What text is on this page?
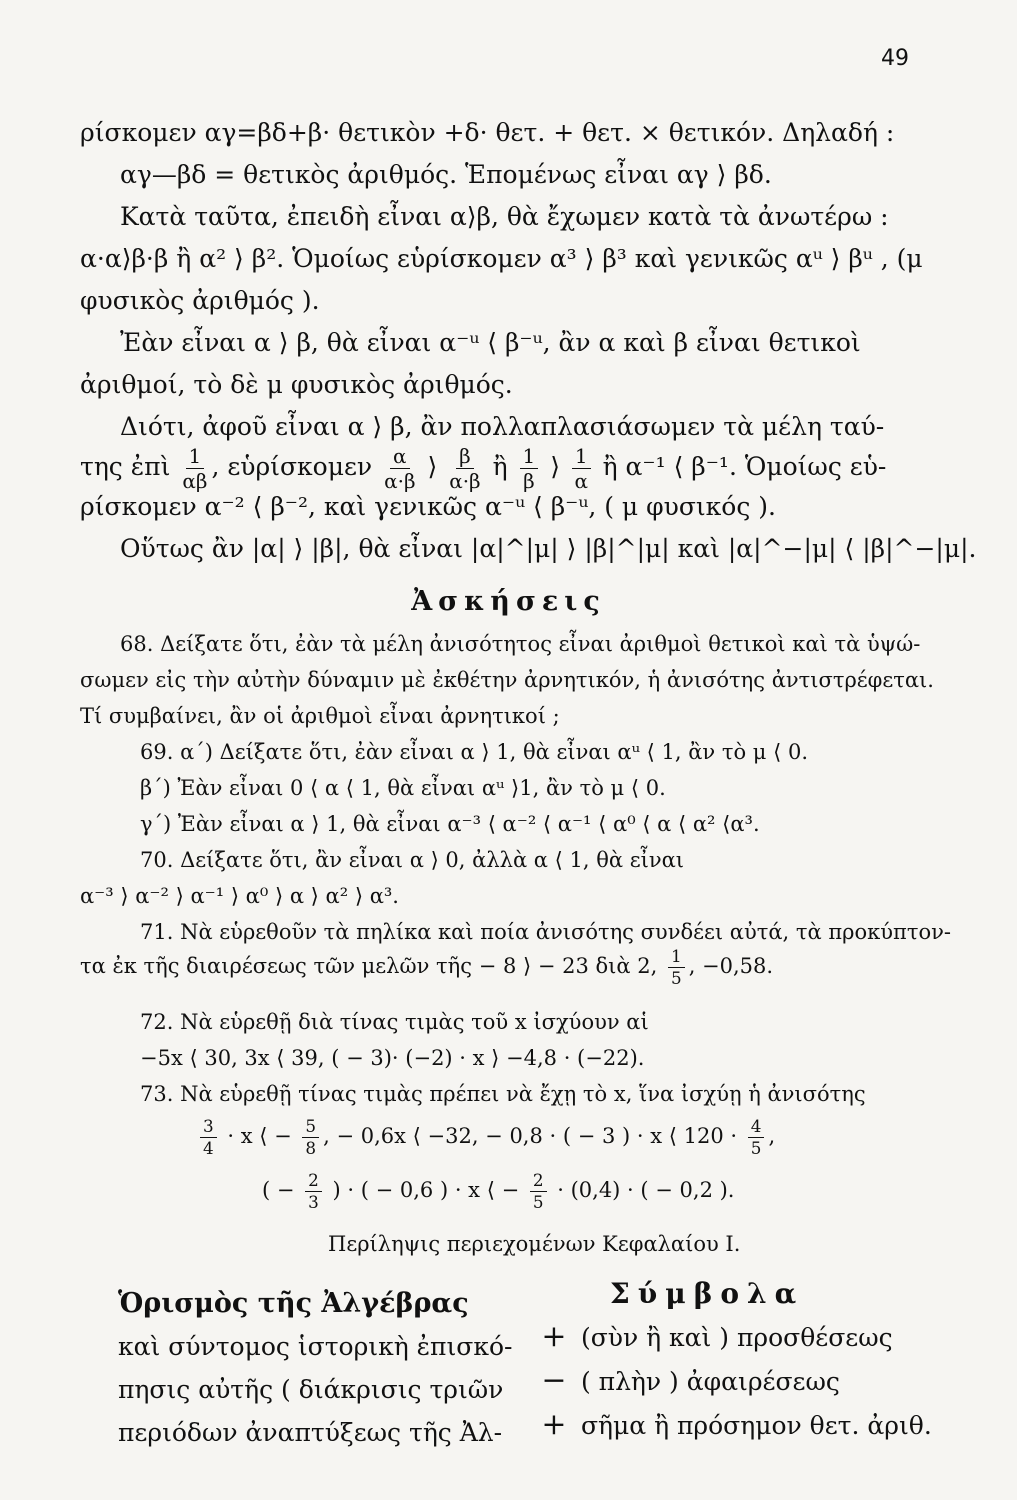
49
ρίσκομεν αγ=βδ+β· θετικὸν +δ· θετ. + θετ. × θετικόν. Δηλαδή :
αγ—βδ = θετικὸς ἀριθμός. Ἑπομένως εἶναι αγ ⟩ βδ.
Κατὰ ταῦτα, ἐπειδὴ εἶναι α⟩β, θὰ ἔχωμεν κατὰ τὰ ἀνωτέρω :
α·α⟩β·β ἢ α² ⟩ β². Ὁμοίως εὑρίσκομεν α³ ⟩ β³ καὶ γενικῶς αᵘ ⟩ βᵘ , (μ
φυσικὸς ἀριθμός ).
Ἐὰν εἶναι α ⟩ β, θὰ εἶναι α⁻ᵘ ⟨ β⁻ᵘ, ἂν α καὶ β εἶναι θετικοὶ
ἀριθμοί, τὸ δὲ μ φυσικὸς ἀριθμός.
Διότι, ἀφοῦ εἶναι α ⟩ β, ἂν πολλαπλασιάσωμεν τὰ μέλη ταύ-
της ἐπὶ $\frac{1}{\alpha\beta}$ , εὑρίσκομεν $\frac{\alpha}{\alpha\cdot\beta}$ ⟩ $\frac{\beta}{\alpha\cdot\beta}$ ἢ $\frac{1}{\beta}$ ⟩ $\frac{1}{\alpha}$ ἢ α⁻¹ ⟨ β⁻¹. Ὁμοίως εὑ-
ρίσκομεν α⁻² ⟨ β⁻², καὶ γενικῶς α⁻ᵘ ⟨ β⁻ᵘ, ( μ φυσικός ).
Οὕτως ἂν |α| ⟩ |β|, θὰ εἶναι |α|^|μ| ⟩ |β|^|μ| καὶ |α|^−|μ| ⟨ |β|^−|μ|.
Ἀσκήσεις
68. Δείξατε ὅτι, ἐὰν τὰ μέλη ἀνισότητος εἶναι ἀριθμοὶ θετικοὶ καὶ τὰ ὑψώ-
σωμεν εἰς τὴν αὐτὴν δύναμιν μὲ ἐκθέτην ἀρνητικόν, ἡ ἀνισότης ἀντιστρέφεται.
Τί συμβαίνει, ἂν οἱ ἀριθμοὶ εἶναι ἀρνητικοί ;
69. α΄) Δείξατε ὅτι, ἐὰν εἶναι α ⟩ 1, θὰ εἶναι αᵘ ⟨ 1, ἂν τὸ μ ⟨ 0.
β΄) Ἐὰν εἶναι 0 ⟨ α ⟨ 1, θὰ εἶναι αᵘ ⟩1, ἂν τὸ μ ⟨ 0.
γ΄) Ἐὰν εἶναι α ⟩ 1, θὰ εἶναι α⁻³ ⟨ α⁻² ⟨ α⁻¹ ⟨ α⁰ ⟨ α ⟨ α² ⟨α³.
70. Δείξατε ὅτι, ἂν εἶναι α ⟩ 0, ἀλλὰ α ⟨ 1, θὰ εἶναι
α⁻³ ⟩ α⁻² ⟩ α⁻¹ ⟩ α⁰ ⟩ α ⟩ α² ⟩ α³.
71. Νὰ εὑρεθοῦν τὰ πηλίκα καὶ ποία ἀνισότης συνδέει αὐτά, τὰ προκύπτον-
τα ἐκ τῆς διαιρέσεως τῶν μελῶν τῆς − 8 ⟩ − 23 διὰ 2, $\frac{1}{5}$ , −0,58.
72. Νὰ εὑρεθῇ διὰ τίνας τιμὰς τοῦ x ἰσχύουν αἱ
−5x ⟨ 30, 3x ⟨ 39, ( − 3)· (−2) · x ⟩ −4,8 · (−22).
73. Νὰ εὑρεθῇ τίνας τιμὰς πρέπει νὰ ἔχῃ τὸ x, ἵνα ἰσχύῃ ἡ ἀνισότης
$\frac{3}{4} \cdot x$ ⟨ − $\frac{5}{8}$ , − 0,6x ⟨ −32, − 0,8 · ( − 3 ) · x ⟨ $120 \cdot \frac{4}{5}$ ,
( − $\frac{2}{3}$ ) · ( − 0,6 ) · x ⟨ − $\frac{2}{5} \cdot (0,4)$ · ( − 0,2 ).
Περίληψις περιεχομένων Κεφαλαίου Ι.
Ὁρισμὸς τῆς Ἀλγέβρας
καὶ σύντομος ἱστορικὴ ἐπισκό-
πησις αὐτῆς ( διάκρισις τριῶν
περιόδων ἀναπτύξεως τῆς Ἀλ-
Σύμβολα
+ (σὺν ἢ καὶ ) προσθέσεως
− ( πλὴν ) ἀφαιρέσεως
+ σῆμα ἢ πρόσημον θετ. ἀριθ.
